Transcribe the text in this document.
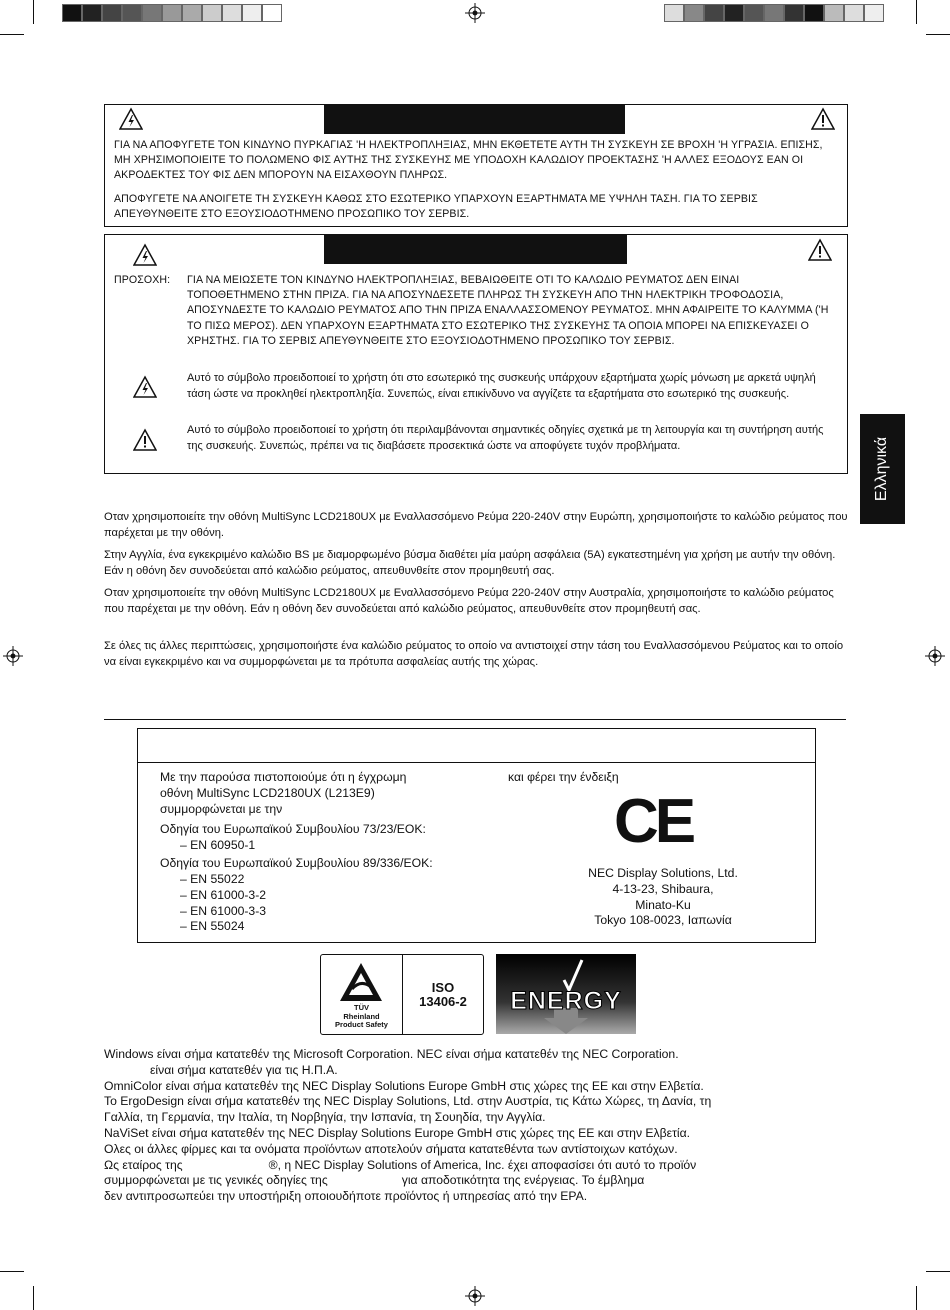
ΓΙΑ ΝΑ ΑΠΟΦΥΓΕΤΕ ΤΟΝ ΚΙΝΔΥΝΟ ΠΥΡΚΑΓΙΑΣ 'Η ΗΛΕΚΤΡΟΠΛΗΞΙΑΣ, ΜΗΝ ΕΚΘΕΤΕΤΕ ΑΥΤΗ ΤΗ ΣΥΣΚΕΥΗ ΣΕ ΒΡΟΧΗ 'Η ΥΓΡΑΣΙΑ. ΕΠΙΣΗΣ, ΜΗ ΧΡΗΣΙΜΟΠΟΙΕΙΤΕ ΤΟ ΠΟΛΩΜΕΝΟ ΦΙΣ ΑΥΤΗΣ ΤΗΣ ΣΥΣΚΕΥΗΣ ΜΕ ΥΠΟΔΟΧΗ ΚΑΛΩΔΙΟΥ ΠΡΟΕΚΤΑΣΗΣ 'Η ΑΛΛΕΣ ΕΞΟΔΟΥΣ ΕΑΝ ΟΙ ΑΚΡΟΔΕΚΤΕΣ ΤΟΥ ΦΙΣ ΔΕΝ ΜΠΟΡΟΥΝ ΝΑ ΕΙΣΑΧΘΟΥΝ ΠΛΗΡΩΣ.
ΑΠΟΦΥΓΕΤΕ ΝΑ ΑΝΟΙΓΕΤΕ ΤΗ ΣΥΣΚΕΥΗ ΚΑΘΩΣ ΣΤΟ ΕΣΩΤΕΡΙΚΟ ΥΠΑΡΧΟΥΝ ΕΞΑΡΤΗΜΑΤΑ ΜΕ ΥΨΗΛΗ ΤΑΣΗ. ΓΙΑ ΤΟ ΣΕΡΒΙΣ ΑΠΕΥΘΥΝΘΕΙΤΕ ΣΤΟ ΕΞΟΥΣΙΟΔΟΤΗΜΕΝΟ ΠΡΟΣΩΠΙΚΟ ΤΟΥ ΣΕΡΒΙΣ.
ΠΡΟΣΟΧΗ: ΓΙΑ ΝΑ ΜΕΙΩΣΕΤΕ ΤΟΝ ΚΙΝΔΥΝΟ ΗΛΕΚΤΡΟΠΛΗΞΙΑΣ, ΒΕΒΑΙΩΘΕΙΤΕ ΟΤΙ ΤΟ ΚΑΛΩΔΙΟ ΡΕΥΜΑΤΟΣ ΔΕΝ ΕΙΝΑΙ ΤΟΠΟΘΕΤΗΜΕΝΟ ΣΤΗΝ ΠΡΙΖΑ. ΓΙΑ ΝΑ ΑΠΟΣΥΝΔΕΣΕΤΕ ΠΛΗΡΩΣ ΤΗ ΣΥΣΚΕΥΗ ΑΠΟ ΤΗΝ ΗΛΕΚΤΡΙΚΗ ΤΡΟΦΟΔΟΣΙΑ, ΑΠΟΣΥΝΔΕΣΤΕ ΤΟ ΚΑΛΩΔΙΟ ΡΕΥΜΑΤΟΣ ΑΠΟ ΤΗΝ ΠΡΙΖΑ ΕΝΑΛΛΑΣΣΟΜΕΝΟΥ ΡΕΥΜΑΤΟΣ. ΜΗΝ ΑΦΑΙΡΕΙΤΕ ΤΟ ΚΑΛΥΜΜΑ ('Η ΤΟ ΠΙΣΩ ΜΕΡΟΣ). ΔΕΝ ΥΠΑΡΧΟΥΝ ΕΞΑΡΤΗΜΑΤΑ ΣΤΟ ΕΣΩΤΕΡΙΚΟ ΤΗΣ ΣΥΣΚΕΥΗΣ ΤΑ ΟΠΟΙΑ ΜΠΟΡΕΙ ΝΑ ΕΠΙΣΚΕΥΑΣΕΙ Ο ΧΡΗΣΤΗΣ. ΓΙΑ ΤΟ ΣΕΡΒΙΣ ΑΠΕΥΘΥΝΘΕΙΤΕ ΣΤΟ ΕΞΟΥΣΙΟΔΟΤΗΜΕΝΟ ΠΡΟΣΩΠΙΚΟ ΤΟΥ ΣΕΡΒΙΣ.
Αυτό το σύμβολο προειδοποιεί το χρήστη ότι στο εσωτερικό της συσκευής υπάρχουν εξαρτήματα χωρίς μόνωση με αρκετά υψηλή τάση ώστε να προκληθεί ηλεκτροπληξία. Συνεπώς, είναι επικίνδυνο να αγγίζετε τα εξαρτήματα στο εσωτερικό της συσκευής.
Αυτό το σύμβολο προειδοποιεί το χρήστη ότι περιλαμβάνονται σημαντικές οδηγίες σχετικά με τη λειτουργία και τη συντήρηση αυτής της συσκευής. Συνεπώς, πρέπει να τις διαβάσετε προσεκτικά ώστε να αποφύγετε τυχόν προβλήματα.	Ελληνικά
Οταν χρησιμοποιείτε την οθόνη MultiSync LCD2180UX με Εναλλασσόμενο Ρεύμα 220-240V στην Ευρώπη, χρησιμοποιήστε το καλώδιο ρεύματος που παρέχεται με την οθόνη.
Στην Αγγλία, ένα εγκεκριμένο καλώδιο BS με διαμορφωμένο βύσμα διαθέτει μία μαύρη ασφάλεια (5A) εγκατεστημένη για χρήση με αυτήν την οθόνη. Εάν η οθόνη δεν συνοδεύεται από καλώδιο ρεύματος, απευθυνθείτε στον προμηθευτή σας.
Οταν χρησιμοποιείτε την οθόνη MultiSync LCD2180UX με Εναλλασσόμενο Ρεύμα 220-240V στην Αυστραλία, χρησιμοποιήστε το καλώδιο ρεύματος που παρέχεται με την οθόνη. Εάν η οθόνη δεν συνοδεύεται από καλώδιο ρεύματος, απευθυνθείτε στον προμηθευτή σας.
Σε όλες τις άλλες περιπτώσεις, χρησιμοποιήστε ένα καλώδιο ρεύματος το οποίο να αντιστοιχεί στην τάση του Εναλλασσόμενου Ρεύματος και το οποίο να είναι εγκεκριμένο και να συμμορφώνεται με τα πρότυπα ασφαλείας αυτής της χώρας.
Με την παρούσα πιστοποιούμε ότι η έγχρωμη
οθόνη MultiSync LCD2180UX (L213E9)
συμμορφώνεται με την
Οδηγία του Ευρωπαϊκού Συμβουλίου 73/23/ΕΟΚ:
– EN 60950-1
Οδηγία του Ευρωπαϊκού Συμβουλίου 89/336/ΕΟΚ:
– EN 55022
– EN 61000-3-2
– EN 61000-3-3
– EN 55024
και φέρει την ένδειξη
CE
NEC Display Solutions, Ltd.
4-13-23, Shibaura,
Minato-Ku
Tokyo 108-0023, Ιαπωνία
TÜV
Rheinland
Product Safety
ISO
13406-2	ENERGY
Windows είναι σήμα κατατεθέν της Microsoft Corporation. NEC είναι σήμα κατατεθέν της NEC Corporation.
είναι σήμα κατατεθέν για τις Η.Π.Α.
OmniColor είναι σήμα κατατεθέν της NEC Display Solutions Europe GmbH στις χώρες της ΕΕ και στην Ελβετία.
Το ErgoDesign είναι σήμα κατατεθέν της NEC Display Solutions, Ltd. στην Αυστρία, τις Κάτω Χώρες, τη Δανία, τη
Γαλλία, τη Γερμανία, την Ιταλία, τη Νορβηγία, την Ισπανία, τη Σουηδία, την Αγγλία.
NaViSet είναι σήμα κατατεθέν της NEC Display Solutions Europe GmbH στις χώρες της ΕΕ και στην Ελβετία.
Ολες οι άλλες φίρμες και τα ονόματα προϊόντων αποτελούν σήματα κατατεθέντα των αντίστοιχων κατόχων.
Ως εταίρος της	®, η NEC Display Solutions of America, Inc. έχει αποφασίσει ότι αυτό το προϊόν
συμμορφώνεται με τις γενικές οδηγίες της	για αποδοτικότητα της ενέργειας. Το έμβλημα
δεν αντιπροσωπεύει την υποστήριξη οποιουδήποτε προϊόντος ή υπηρεσίας από την EPA.
